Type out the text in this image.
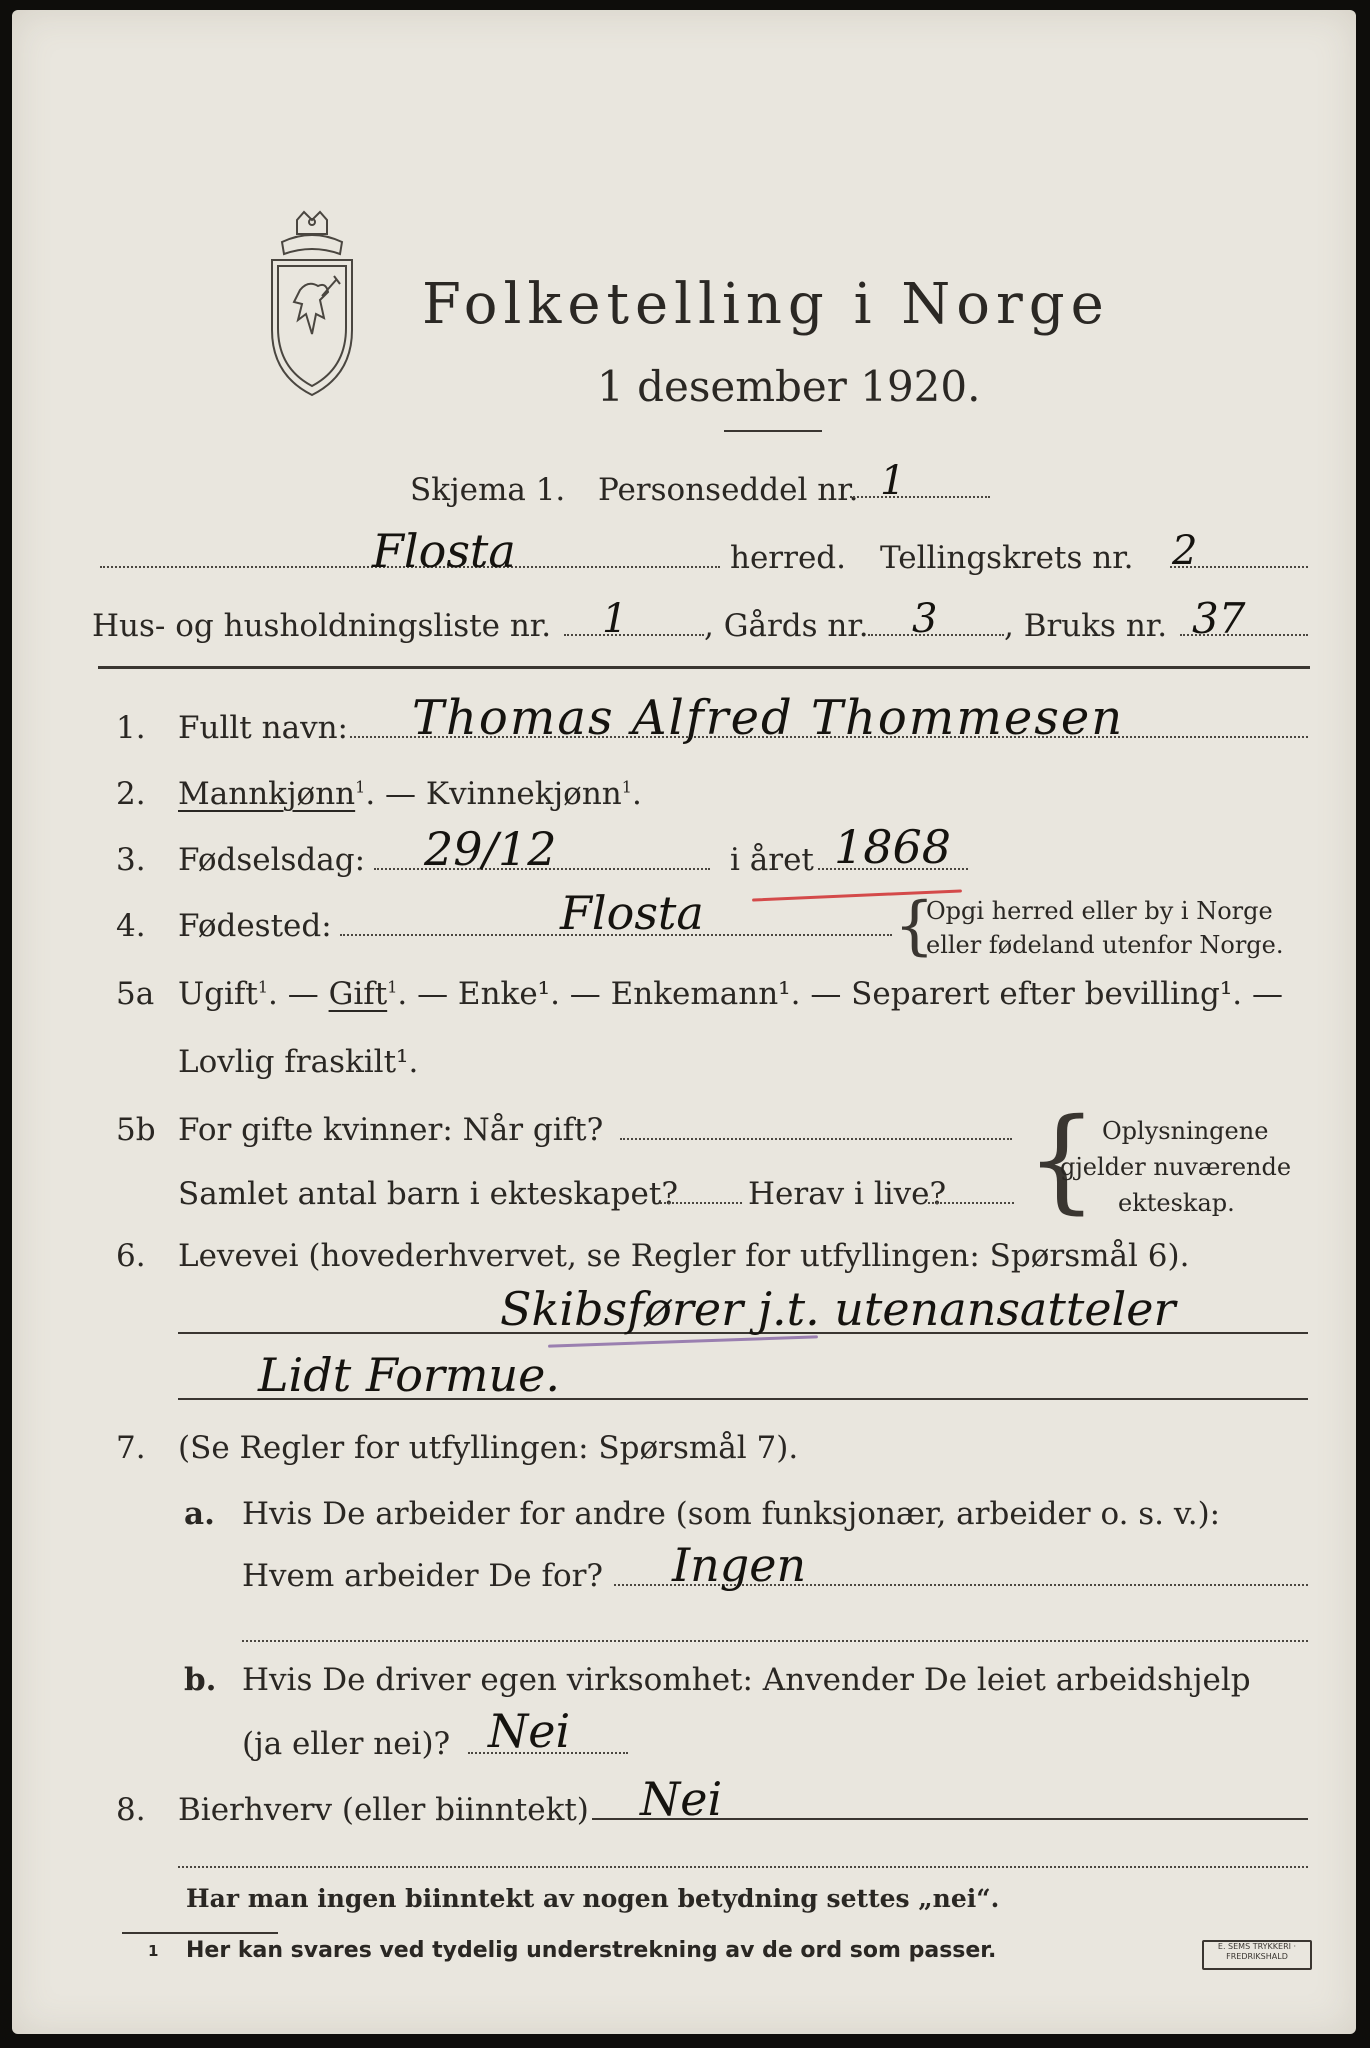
Folketelling i Norge
1 desember 1920.
Skjema 1. Personseddel nr. 1
Flosta	herred. Tellingskrets nr. 2
Hus- og husholdningsliste nr. 1 , Gårds nr. 3 , Bruks nr. 37
1. Fullt navn: Thomas Alfred Thommesen
2. Mannkjønn$^1$. — Kvinnekjønn$^1$.
3. Fødselsdag: 29/12	i året 1868
4. Fødested:	Flosta	{
Opgi herred eller by i Norge
eller fødeland utenfor Norge.
5a Ugift$^1$. — Gift$^1$. — Enke¹. — Enkemann¹. — Separert efter bevilling¹. —
Lovlig fraskilt¹.
5b For gifte kvinner: Når gift?
Samlet antal barn i ekteskapet? Herav i live? { Oplysningene
gjelder nuværende
ekteskap.
6. Levevei (hovederhvervet, se Regler for utfyllingen: Spørsmål 6).
Skibsfører j.t. utenansatteler
Lidt Formue.
7. (Se Regler for utfyllingen: Spørsmål 7).
a. Hvis De arbeider for andre (som funksjonær, arbeider o. s. v.):
Hvem arbeider De for? Ingen
b. Hvis De driver egen virksomhet: Anvender De leiet arbeidshjelp
(ja eller nei)? Nei
8. Bierhverv (eller biinntekt) Nei
Har man ingen biinntekt av nogen betydning settes „nei“.
1 Her kan svares ved tydelig understrekning av de ord som passer.	E. SEMS TRYKKERI · FREDRIKSHALD
